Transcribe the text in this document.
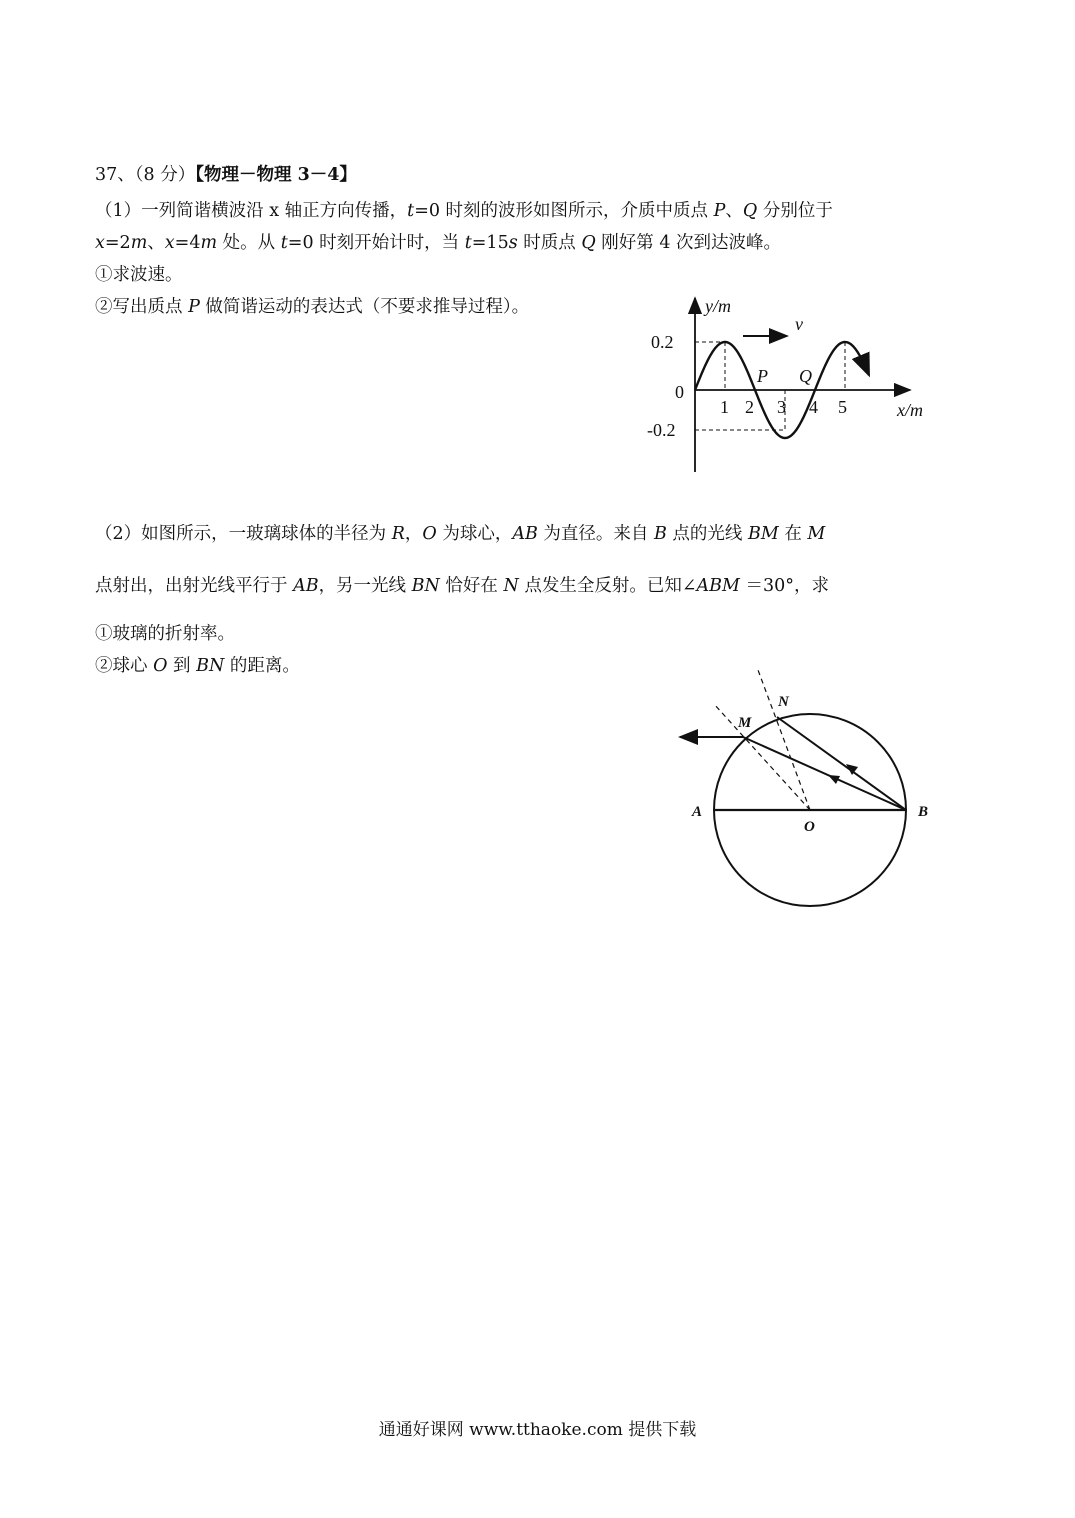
37、（8 分）【物理－物理 3－4】
（1）一列简谐横波沿 x 轴正方向传播，t=0 时刻的波形如图所示，介质中质点 P、Q 分别位于
x=2m、x=4m 处。从 t=0 时刻开始计时，当 t=15s 时质点 Q 刚好第 4 次到达波峰。
①求波速。
②写出质点 P 做简谐运动的表达式（不要求推导过程）。
v
y/m
x/m
0.2
0
-0.2
1 2 3 4 5
P Q
（2）如图所示，一玻璃球体的半径为 R，O 为球心，AB 为直径。来自 B 点的光线 BM 在 M
点射出，出射光线平行于 AB，另一光线 BN 恰好在 N 点发生全反射。已知∠ABM ＝30°，求
①玻璃的折射率。
②球心 O 到 BN 的距离。
A
O
B
M
N
通通好课网 www.tthaoke.com 提供下载
